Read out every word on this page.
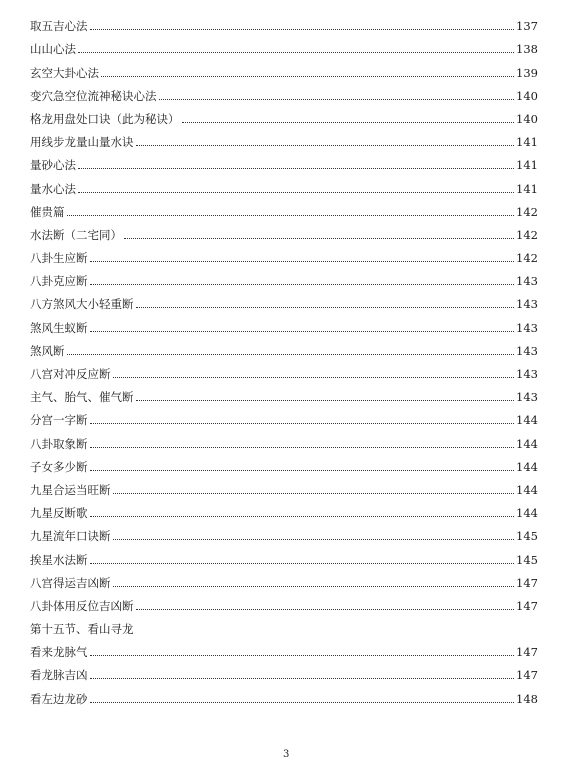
取五吉心法	137
山山心法	138
玄空大卦心法	139
变穴急空位流神秘诀心法	140
格龙用盘处口诀（此为秘诀）	140
用线步龙量山量水诀	141
量砂心法	141
量水心法	141
催贵篇	142
水法断（二宅同）	142
八卦生应断	142
八卦克应断	143
八方煞风大小轻重断	143
煞风生蚁断	143
煞风断	143
八宫对冲反应断	143
主气、胎气、催气断	143
分宫一字断	144
八卦取象断	144
子女多少断	144
九星合运当旺断	144
九星反断歌	144
九星流年口诀断	145
挨星水法断	145
八宫得运吉凶断	147
八卦体用反位吉凶断	147
第十五节、看山寻龙
看来龙脉气	147
看龙脉吉凶	147
看左边龙砂	148
3
